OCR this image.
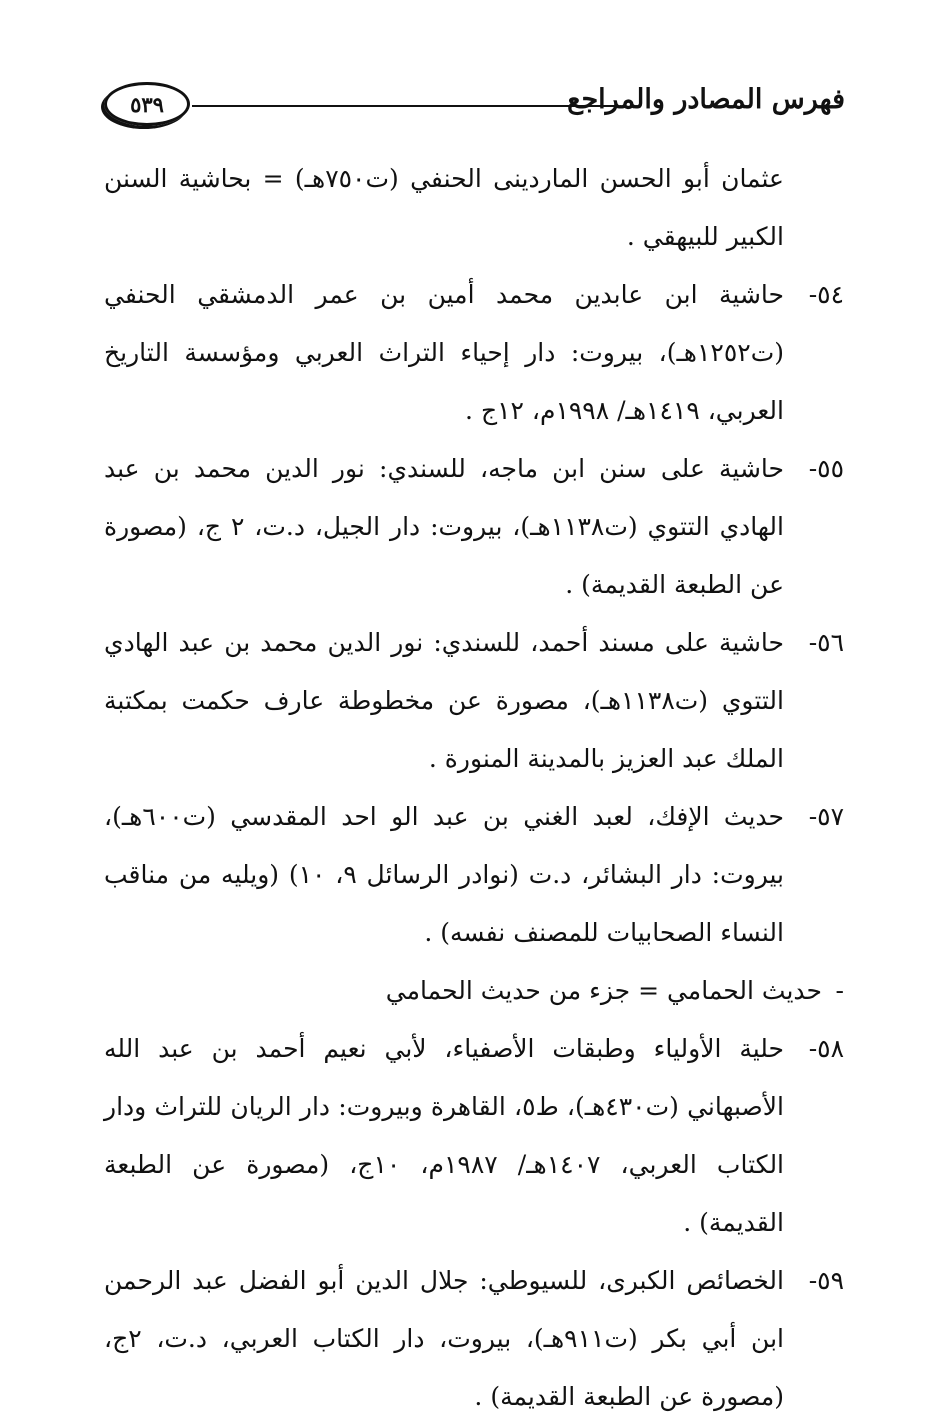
فهرس المصادر والمراجع
٥٣٩

عثمان أبو الحسن الماردينى الحنفي (ت٧٥٠هـ) = بحاشية السنن الكبير للبيهقي .

٥٤-
حاشية ابن عابدين محمد أمين بن عمر الدمشقي الحنفي (ت١٢٥٢هـ)، بيروت: دار إحياء التراث العربي ومؤسسة التاريخ العربي، ١٤١٩هـ/ ١٩٩٨م، ١٢ج .

٥٥-
حاشية على سنن ابن ماجه، للسندي: نور الدين محمد بن عبد الهادي التتوي (ت١١٣٨هـ)، بيروت: دار الجيل، د.ت، ٢ ج، (مصورة عن الطبعة القديمة) .

٥٦-
حاشية على مسند أحمد، للسندي: نور الدين محمد بن عبد الهادي التتوي (ت١١٣٨هـ)، مصورة عن مخطوطة عارف حكمت بمكتبة الملك عبد العزيز بالمدينة المنورة .

٥٧-
حديث الإفك، لعبد الغني بن عبد الو احد المقدسي (ت٦٠٠هـ)، بيروت: دار البشائر، د.ت (نوادر الرسائل ٩، ١٠) (ويليه من مناقب النساء الصحابيات للمصنف نفسه) .

-
حديث الحمامي = جزء من حديث الحمامي

٥٨-
حلية الأولياء وطبقات الأصفياء، لأبي نعيم أحمد بن عبد الله الأصبهاني (ت٤٣٠هـ)، ط٥، القاهرة وبيروت: دار الريان للتراث ودار الكتاب العربي، ١٤٠٧هـ/ ١٩٨٧م، ١٠ج، (مصورة عن الطبعة القديمة) .

٥٩-
الخصائص الكبرى، للسيوطي: جلال الدين أبو الفضل عبد الرحمن ابن أبي بكر (ت٩١١هـ)، بيروت، دار الكتاب العربي، د.ت، ٢ج، (مصورة عن الطبعة القديمة) .
